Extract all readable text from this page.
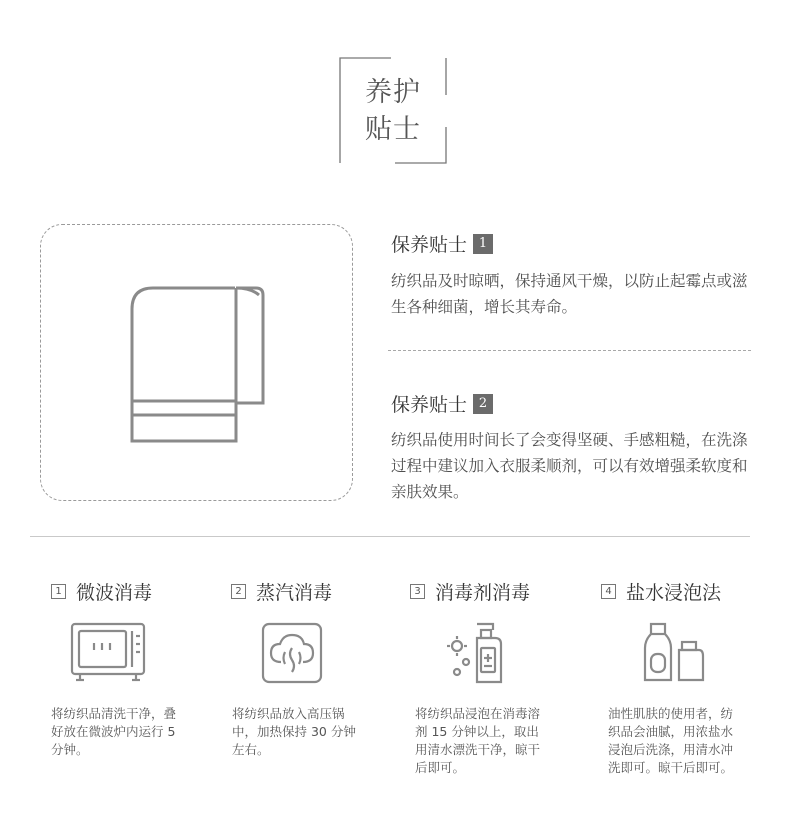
养护
贴士
保养贴士 1
纺织品及时晾晒，保持通风干燥，以防止起霉点或滋生各种细菌，增长其寿命。
保养贴士 2
纺织品使用时间长了会变得坚硬、手感粗糙，在洗涤过程中建议加入衣服柔顺剂，可以有效增强柔软度和亲肤效果。
1 微波消毒
将纺织品清洗干净，叠好放在微波炉内运行 5 分钟。
2 蒸汽消毒
将纺织品放入高压锅中，加热保持 30 分钟左右。
3 消毒剂消毒
将纺织品浸泡在消毒溶剂 15 分钟以上，取出用清水漂洗干净，晾干后即可。
4 盐水浸泡法
油性肌肤的使用者，纺织品会油腻，用浓盐水浸泡后洗涤，用清水冲洗即可。晾干后即可。
